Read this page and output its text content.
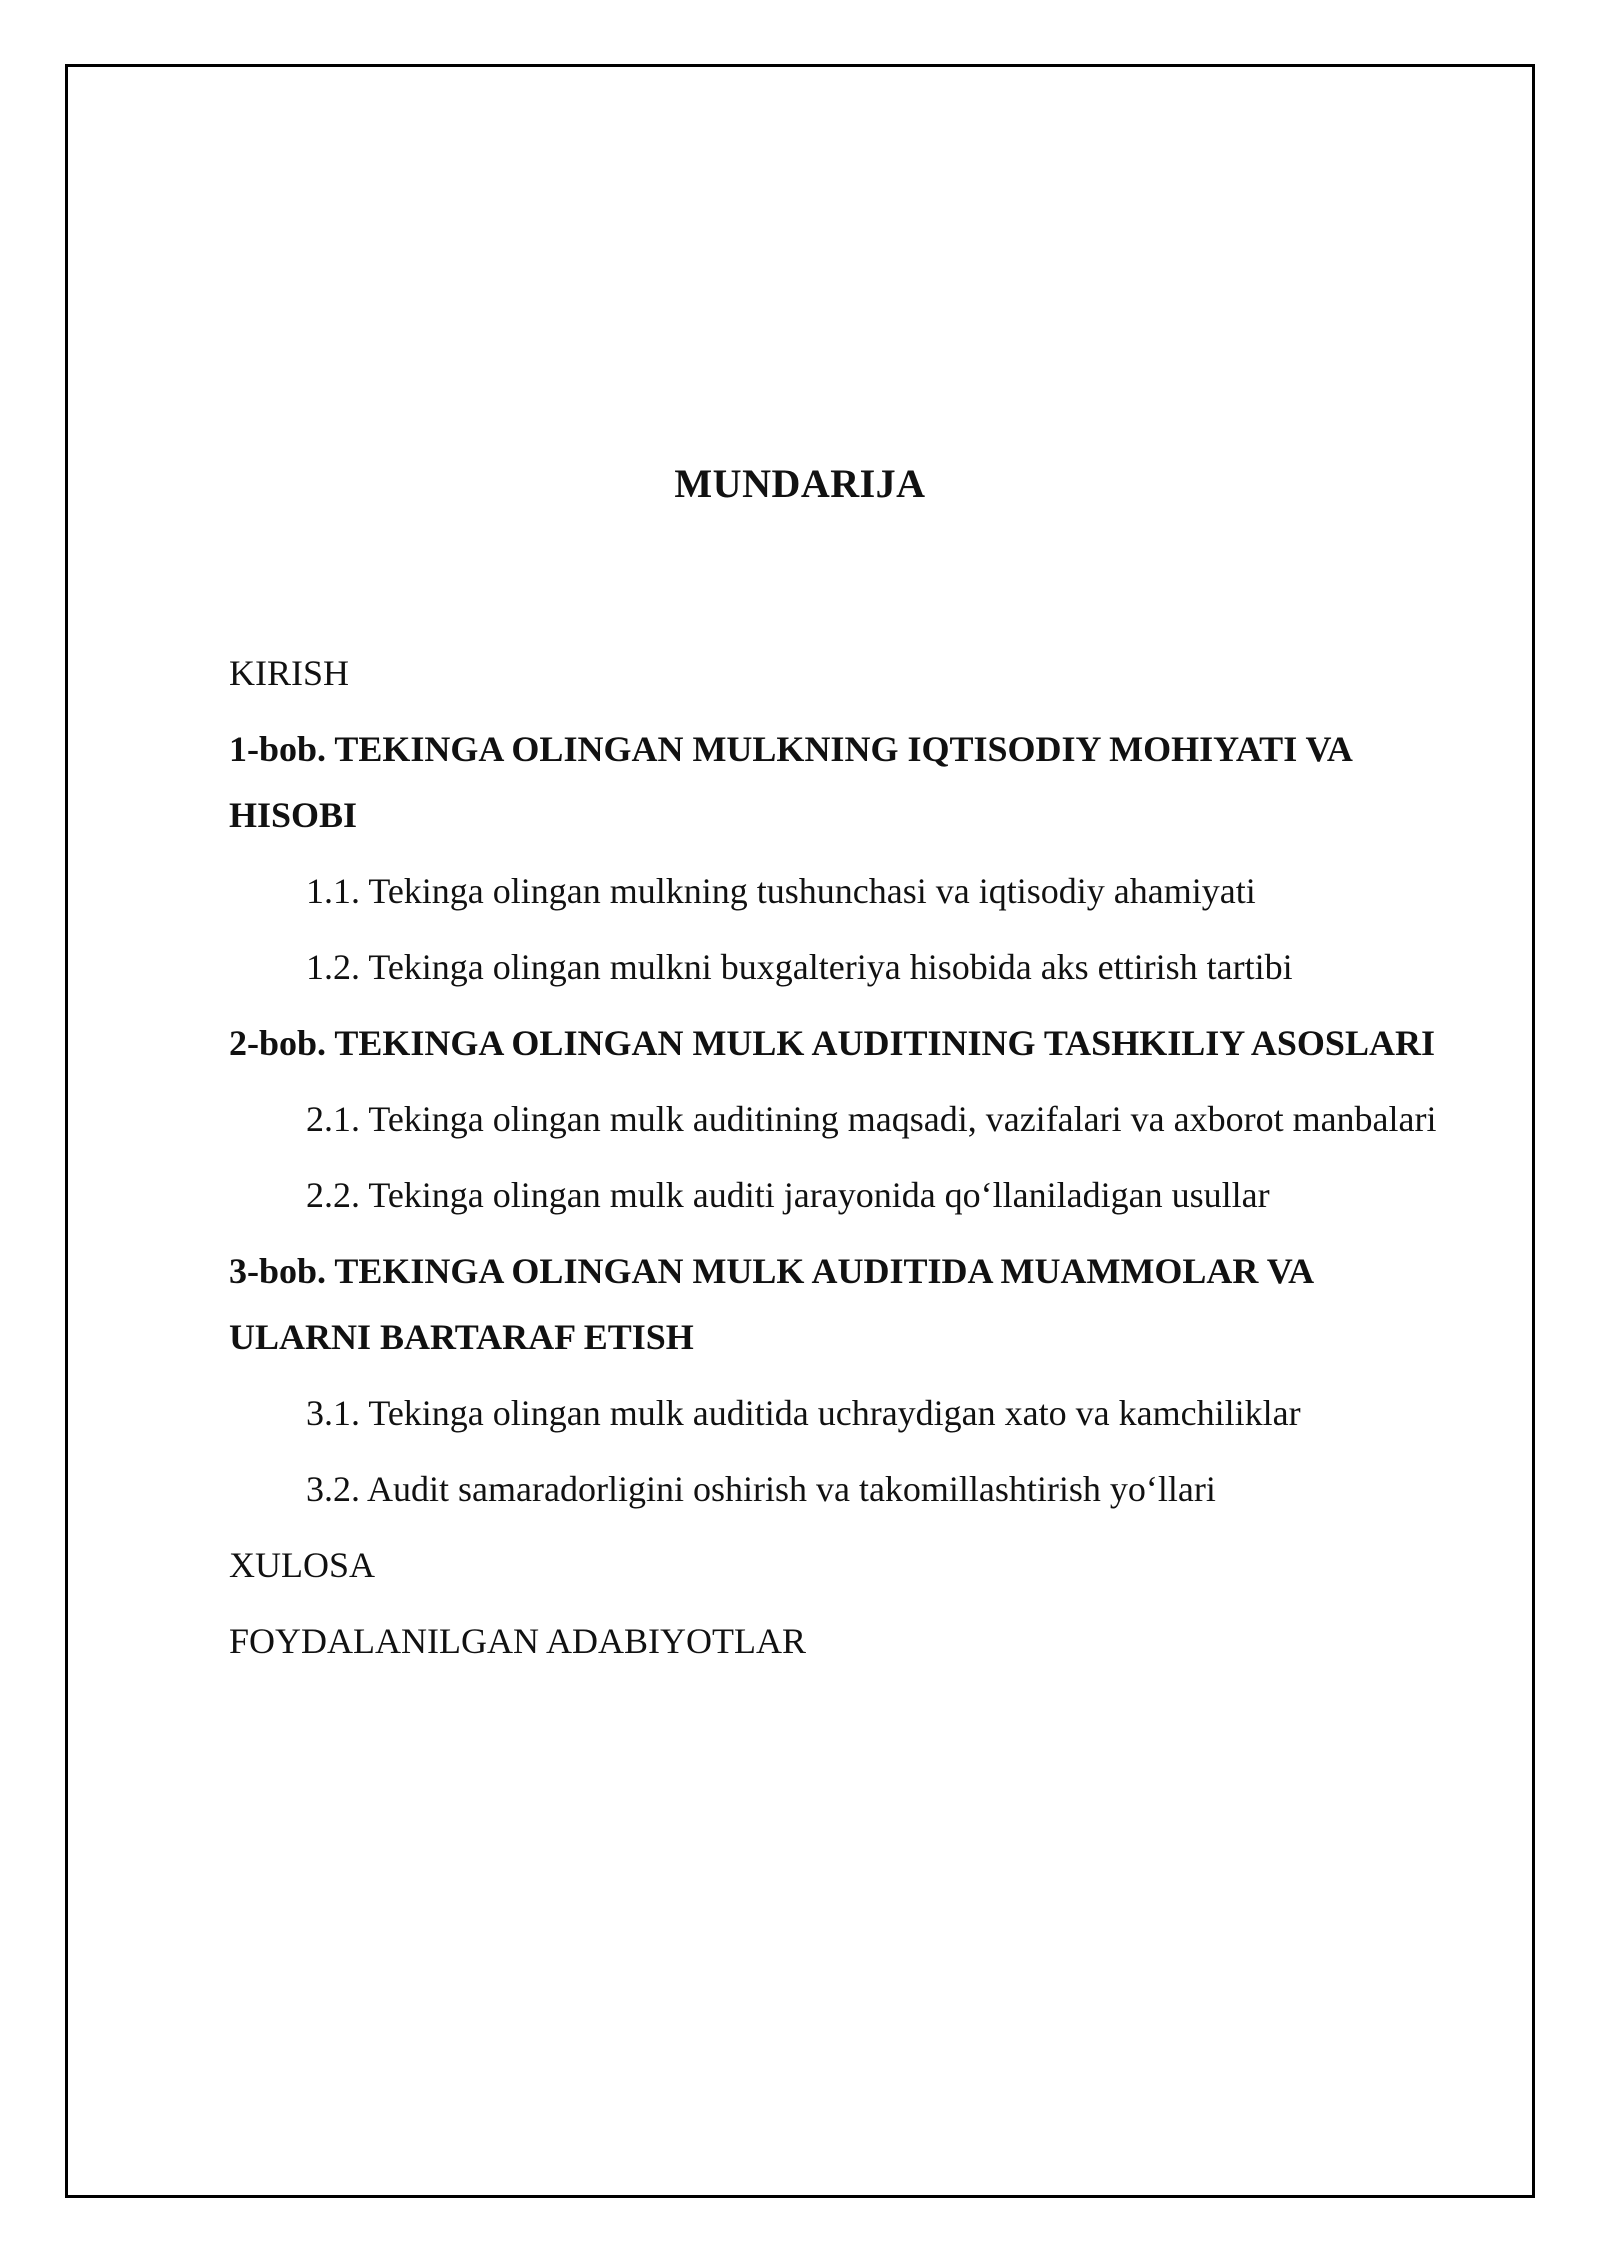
MUNDARIJA
KIRISH
1-bob. TEKINGA OLINGAN MULKNING IQTISODIY MOHIYATI VA HISOBI
1.1. Tekinga olingan mulkning tushunchasi va iqtisodiy ahamiyati
1.2. Tekinga olingan mulkni buxgalteriya hisobida aks ettirish tartibi
2-bob. TEKINGA OLINGAN MULK AUDITINING TASHKILIY ASOSLARI
2.1. Tekinga olingan mulk auditining maqsadi, vazifalari va axborot manbalari
2.2. Tekinga olingan mulk auditi jarayonida qo‘llaniladigan usullar
3-bob. TEKINGA OLINGAN MULK AUDITIDA MUAMMOLAR VA ULARNI BARTARAF ETISH
3.1. Tekinga olingan mulk auditida uchraydigan xato va kamchiliklar
3.2. Audit samaradorligini oshirish va takomillashtirish yo‘llari
XULOSA
FOYDALANILGAN ADABIYOTLAR
